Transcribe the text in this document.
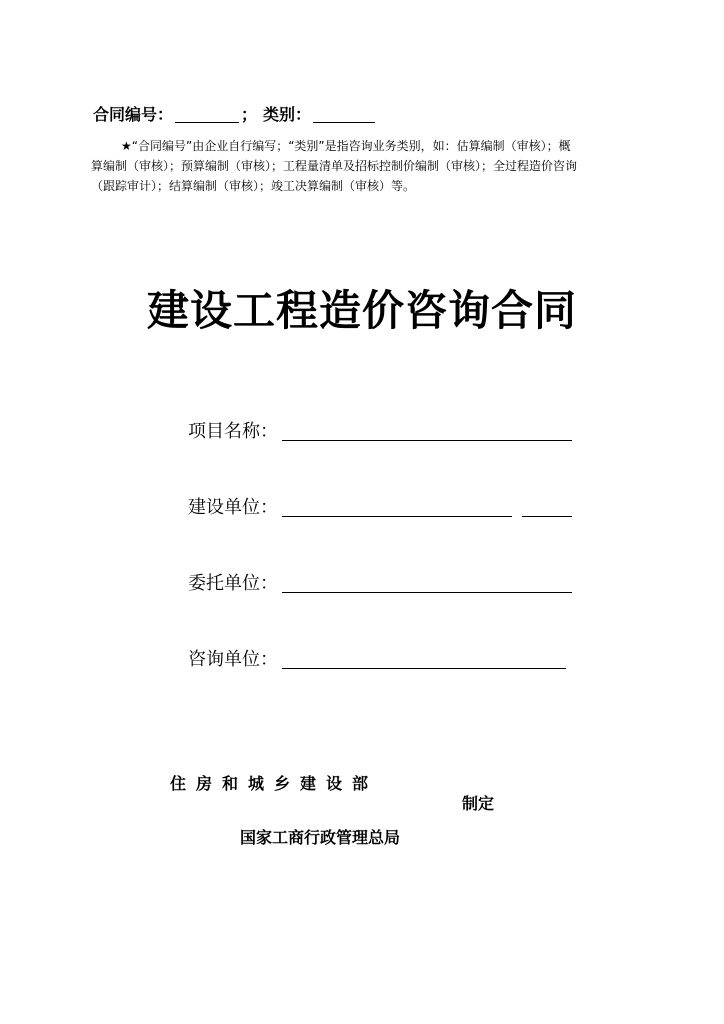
合同编号：	； 类别：
★“合同编号”由企业自行编写；“类别”是指咨询业务类别，如：估算编制（审核）；概
算编制（审核）；预算编制（审核）；工程量清单及招标控制价编制（审核）；全过程造价咨询
（跟踪审计）；结算编制（审核）；竣工决算编制（审核）等。
建设工程造价咨询合同
项目名称：
建设单位：
委托单位：
咨询单位：
住房和城乡建设部
制定
国家工商行政管理总局
